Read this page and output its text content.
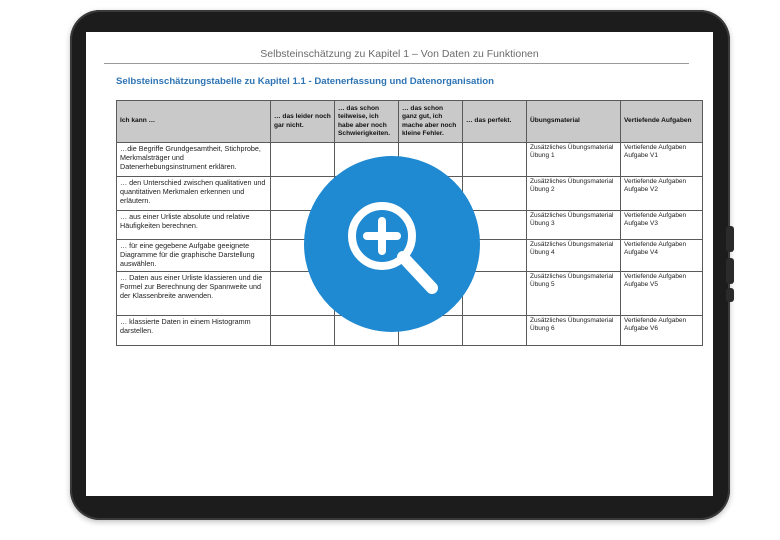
Selbsteinschätzung zu Kapitel 1 – Von Daten zu Funktionen
Selbsteinschätzungstabelle zu Kapitel 1.1 - Datenerfassung und Datenorganisation
Ich kann …	… das leider noch gar nicht.	… das schon teilweise, ich habe aber noch Schwierigkeiten.	… das schon ganz gut, ich mache aber noch kleine Fehler.	… das perfekt.	Übungsmaterial	Vertiefende Aufgaben
…die Begriffe Grundgesamtheit, Stichprobe, Merkmalsträger und Datenerhebungsinstrument erklären.					Zusätzliches Übungsmaterial Übung 1	Vertiefende Aufgaben Aufgabe V1
… den Unterschied zwischen qualitativen und quantitativen Merkmalen erkennen und erläutern.					Zusätzliches Übungsmaterial Übung 2	Vertiefende Aufgaben Aufgabe V2
… aus einer Urliste absolute und relative Häufigkeiten berechnen.					Zusätzliches Übungsmaterial Übung 3	Vertiefende Aufgaben Aufgabe V3
… für eine gegebene Aufgabe geeignete Diagramme für die graphische Darstellung auswählen.					Zusätzliches Übungsmaterial Übung 4	Vertiefende Aufgaben Aufgabe V4
… Daten aus einer Urliste klassieren und die Formel zur Berechnung der Spannweite und der Klassenbreite anwenden.					Zusätzliches Übungsmaterial Übung 5	Vertiefende Aufgaben Aufgabe V5
… klassierte Daten in einem Histogramm darstellen.					Zusätzliches Übungsmaterial Übung 6	Vertiefende Aufgaben Aufgabe V6
